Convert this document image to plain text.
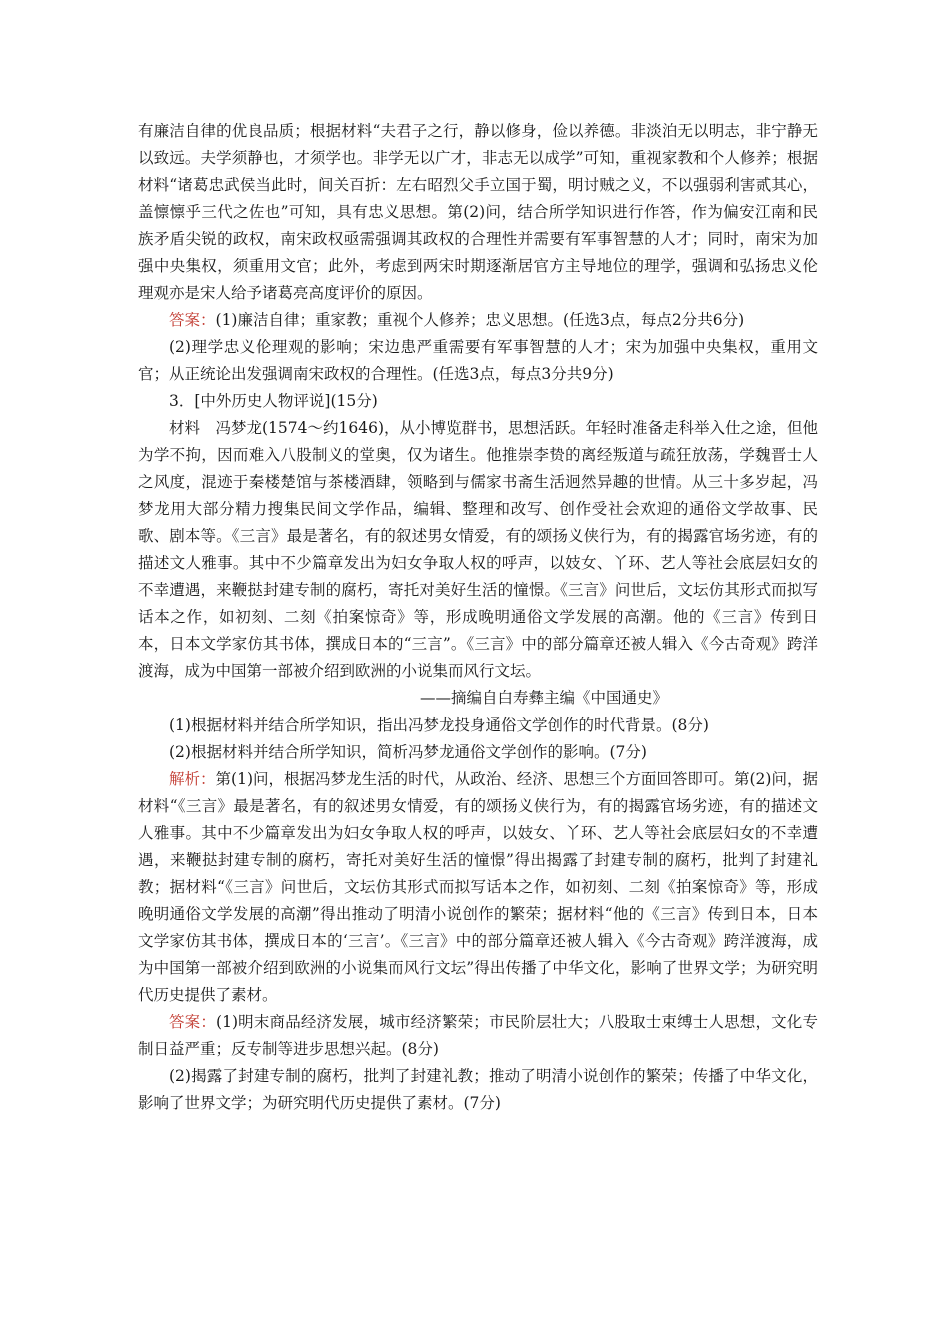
有廉洁自律的优良品质；根据材料“夫君子之行，静以修身，俭以养德。非淡泊无以明志，非宁静无以致远。夫学须静也，才须学也。非学无以广才，非志无以成学”可知，重视家教和个人修养；根据材料“诸葛忠武侯当此时，间关百折：左右昭烈父手立国于蜀，明讨贼之义，不以强弱利害贰其心，盖懔懔乎三代之佐也”可知，具有忠义思想。第(2)问，结合所学知识进行作答，作为偏安江南和民族矛盾尖锐的政权，南宋政权亟需强调其政权的合理性并需要有军事智慧的人才；同时，南宋为加强中央集权，须重用文官；此外，考虑到两宋时期逐渐居官方主导地位的理学，强调和弘扬忠义伦理观亦是宋人给予诸葛亮高度评价的原因。

答案：(1)廉洁自律；重家教；重视个人修养；忠义思想。(任选3点，每点2分共6分)

(2)理学忠义伦理观的影响；宋边患严重需要有军事智慧的人才；宋为加强中央集权，重用文官；从正统论出发强调南宋政权的合理性。(任选3点，每点3分共9分)

3．[中外历史人物评说](15分)

材料　冯梦龙(1574～约1646)，从小博览群书，思想活跃。年轻时准备走科举入仕之途，但他为学不拘，因而难入八股制义的堂奥，仅为诸生。他推崇李贽的离经叛道与疏狂放荡，学魏晋士人之风度，混迹于秦楼楚馆与茶楼酒肆，领略到与儒家书斋生活迥然异趣的世情。从三十多岁起，冯梦龙用大部分精力搜集民间文学作品，编辑、整理和改写、创作受社会欢迎的通俗文学故事、民歌、剧本等。《三言》最是著名，有的叙述男女情爱，有的颂扬义侠行为，有的揭露官场劣迹，有的描述文人雅事。其中不少篇章发出为妇女争取人权的呼声，以妓女、丫环、艺人等社会底层妇女的不幸遭遇，来鞭挞封建专制的腐朽，寄托对美好生活的憧憬。《三言》问世后，文坛仿其形式而拟写话本之作，如初刻、二刻《拍案惊奇》等，形成晚明通俗文学发展的高潮。他的《三言》传到日本，日本文学家仿其书体，撰成日本的“三言”。《三言》中的部分篇章还被人辑入《今古奇观》跨洋渡海，成为中国第一部被介绍到欧洲的小说集而风行文坛。

——摘编自白寿彝主编《中国通史》

(1)根据材料并结合所学知识，指出冯梦龙投身通俗文学创作的时代背景。(8分)

(2)根据材料并结合所学知识，简析冯梦龙通俗文学创作的影响。(7分)

解析：第(1)问，根据冯梦龙生活的时代，从政治、经济、思想三个方面回答即可。第(2)问，据材料“《三言》最是著名，有的叙述男女情爱，有的颂扬义侠行为，有的揭露官场劣迹，有的描述文人雅事。其中不少篇章发出为妇女争取人权的呼声，以妓女、丫环、艺人等社会底层妇女的不幸遭遇，来鞭挞封建专制的腐朽，寄托对美好生活的憧憬”得出揭露了封建专制的腐朽，批判了封建礼教；据材料“《三言》问世后，文坛仿其形式而拟写话本之作，如初刻、二刻《拍案惊奇》等，形成晚明通俗文学发展的高潮”得出推动了明清小说创作的繁荣；据材料“他的《三言》传到日本，日本文学家仿其书体，撰成日本的‘三言’。《三言》中的部分篇章还被人辑入《今古奇观》跨洋渡海，成为中国第一部被介绍到欧洲的小说集而风行文坛”得出传播了中华文化，影响了世界文学；为研究明代历史提供了素材。

答案：(1)明末商品经济发展，城市经济繁荣；市民阶层壮大；八股取士束缚士人思想，文化专制日益严重；反专制等进步思想兴起。(8分)

(2)揭露了封建专制的腐朽，批判了封建礼教；推动了明清小说创作的繁荣；传播了中华文化，影响了世界文学；为研究明代历史提供了素材。(7分)
